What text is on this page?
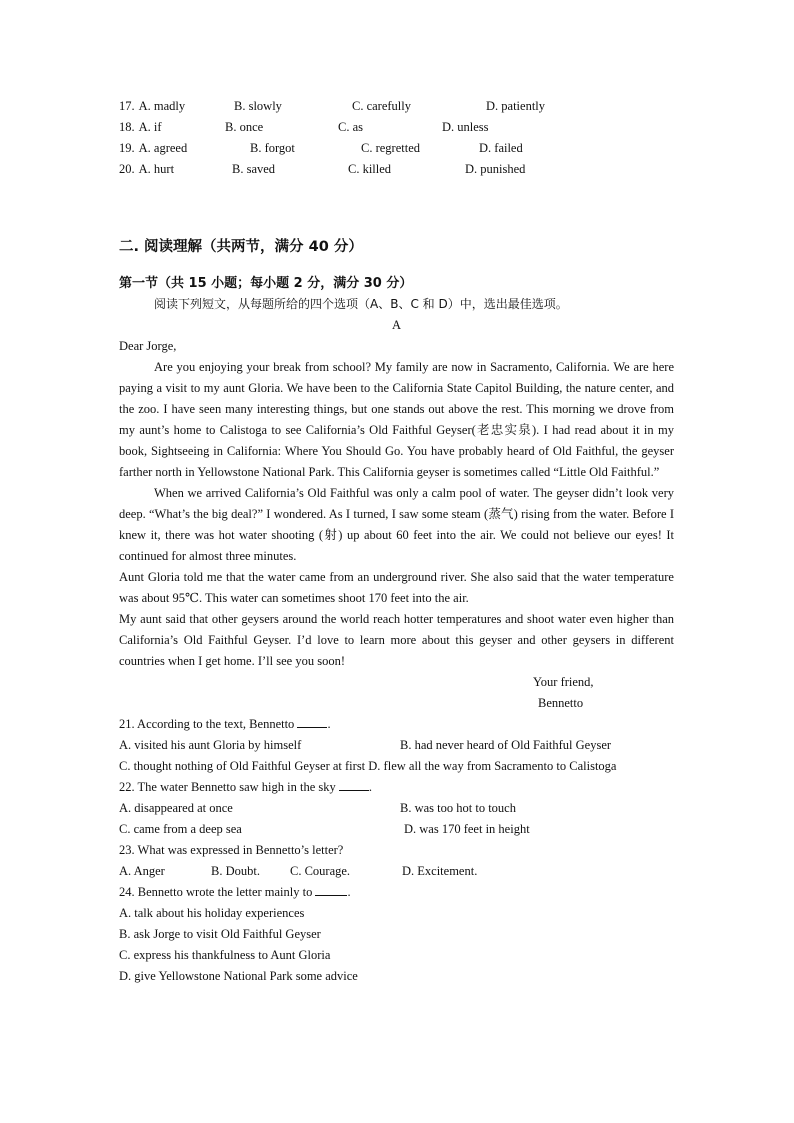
17. A. madly	B. slowly	C. carefully	D. patiently
18. A. if	B. once	C. as	D. unless
19. A. agreed	B. forgot	C. regretted	D. failed
20. A. hurt	B. saved	C. killed	D. punished
二. 阅读理解（共两节，满分 40 分）
第一节（共 15 小题；每小题 2 分，满分 30 分）

阅读下列短文，从每题所给的四个选项（A、B、C 和 D）中，选出最佳选项。

A

Dear Jorge,

Are you enjoying your break from school? My family are now in Sacramento, California. We are here paying a visit to my aunt Gloria. We have been to the California State Capitol Building, the nature center, and the zoo. I have seen many interesting things, but one stands out above the rest. This morning we drove from my aunt’s home to Calistoga to see California’s Old Faithful Geyser(老忠实泉). I had read about it in my book, Sightseeing in California: Where You Should Go. You have probably heard of Old Faithful, the geyser farther north in Yellowstone National Park. This California geyser is sometimes called “Little Old Faithful.”

When we arrived California’s Old Faithful was only a calm pool of water. The geyser didn’t look very deep. “What’s the big deal?” I wondered. As I turned, I saw some steam (蒸气) rising from the water. Before I knew it, there was hot water shooting (射) up about 60 feet into the air. We could not believe our eyes! It continued for almost three minutes.

Aunt Gloria told me that the water came from an underground river. She also said that the water temperature was about 95℃. This water can sometimes shoot 170 feet into the air.

My aunt said that other geysers around the world reach hotter temperatures and shoot water even higher than California’s Old Faithful Geyser. I’d love to learn more about this geyser and other geysers in different countries when I get home. I’ll see you soon!

Your friend,
Bennetto
21. According to the text, Bennetto	.
A. visited his aunt Gloria by himself	B. had never heard of Old Faithful Geyser

C. thought nothing of Old Faithful Geyser at first D. flew all the way from Sacramento to Calistoga

22. The water Bennetto saw high in the sky	.
A. disappeared at once	B. was too hot to touch
C. came from a deep sea	D. was 170 feet in height
23. What was expressed in Bennetto’s letter?
A. Anger	B. Doubt. C. Courage.	D. Excitement.
24. Bennetto wrote the letter mainly to	.
A. talk about his holiday experiences
B. ask Jorge to visit Old Faithful Geyser
C. express his thankfulness to Aunt Gloria
D. give Yellowstone National Park some advice
